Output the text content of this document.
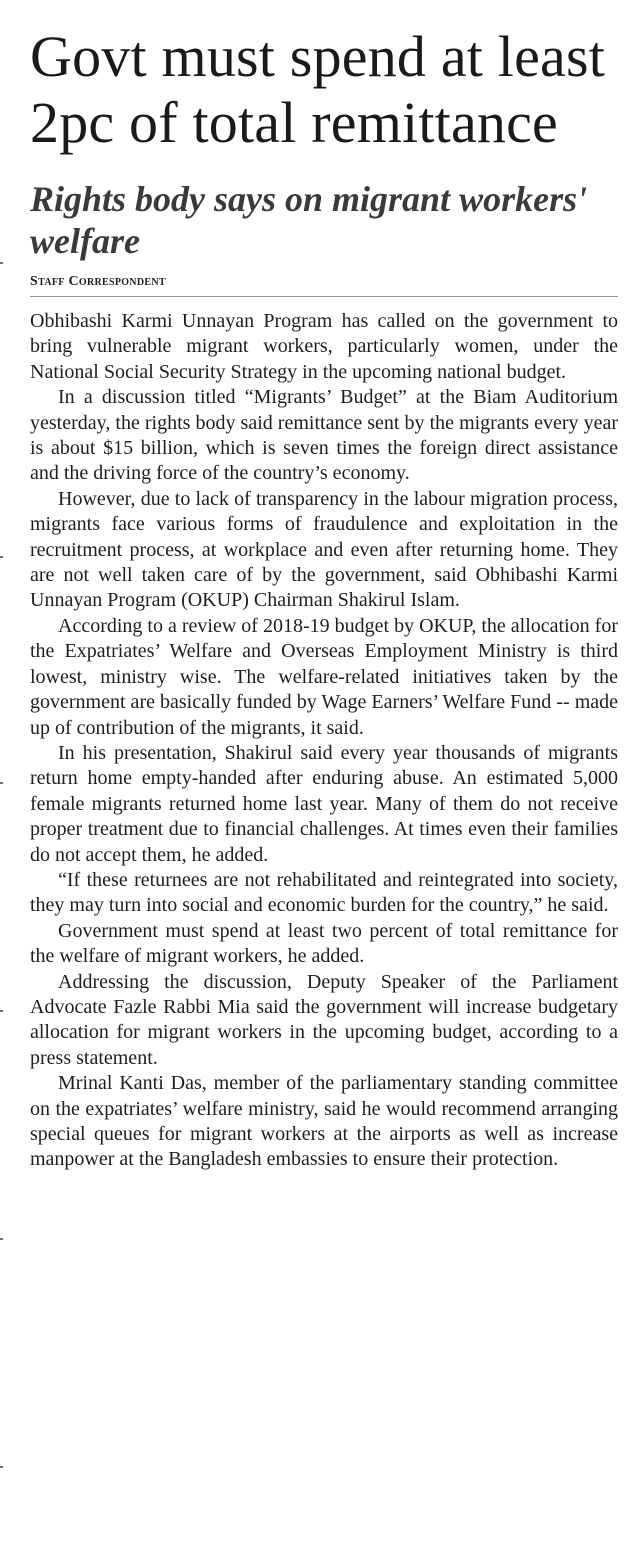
Govt must spend at least 2pc of total remittance
Rights body says on migrant workers' welfare
Staff Correspondent

Obhibashi Karmi Unnayan Program has called on the government to bring vulnerable migrant workers, particularly women, under the National Social Security Strategy in the upcoming national budget.

In a discussion titled “Migrants’ Budget” at the Biam Auditorium yesterday, the rights body said remittance sent by the migrants every year is about $15 billion, which is seven times the foreign direct assistance and the driving force of the country’s economy.

However, due to lack of transparency in the labour migration process, migrants face various forms of fraudulence and exploitation in the recruitment process, at workplace and even after returning home. They are not well taken care of by the government, said Obhibashi Karmi Unnayan Program (OKUP) Chairman Shakirul Islam.

According to a review of 2018-19 budget by OKUP, the allocation for the Expatriates’ Welfare and Overseas Employment Ministry is third lowest, ministry wise. The welfare-related initiatives taken by the government are basically funded by Wage Earners’ Welfare Fund -- made up of contribution of the migrants, it said.

In his presentation, Shakirul said every year thousands of migrants return home empty-handed after enduring abuse. An estimated 5,000 female migrants returned home last year. Many of them do not receive proper treatment due to financial challenges. At times even their families do not accept them, he added.

“If these returnees are not rehabilitated and reintegrated into society, they may turn into social and economic burden for the country,” he said.

Government must spend at least two percent of total remittance for the welfare of migrant workers, he added.

Addressing the discussion, Deputy Speaker of the Parliament Advocate Fazle Rabbi Mia said the government will increase budgetary allocation for migrant workers in the upcoming budget, according to a press statement.

Mrinal Kanti Das, member of the parliamentary standing committee on the expatriates’ welfare ministry, said he would recommend arranging special queues for migrant workers at the airports as well as increase manpower at the Bangladesh embassies to ensure their protection.
